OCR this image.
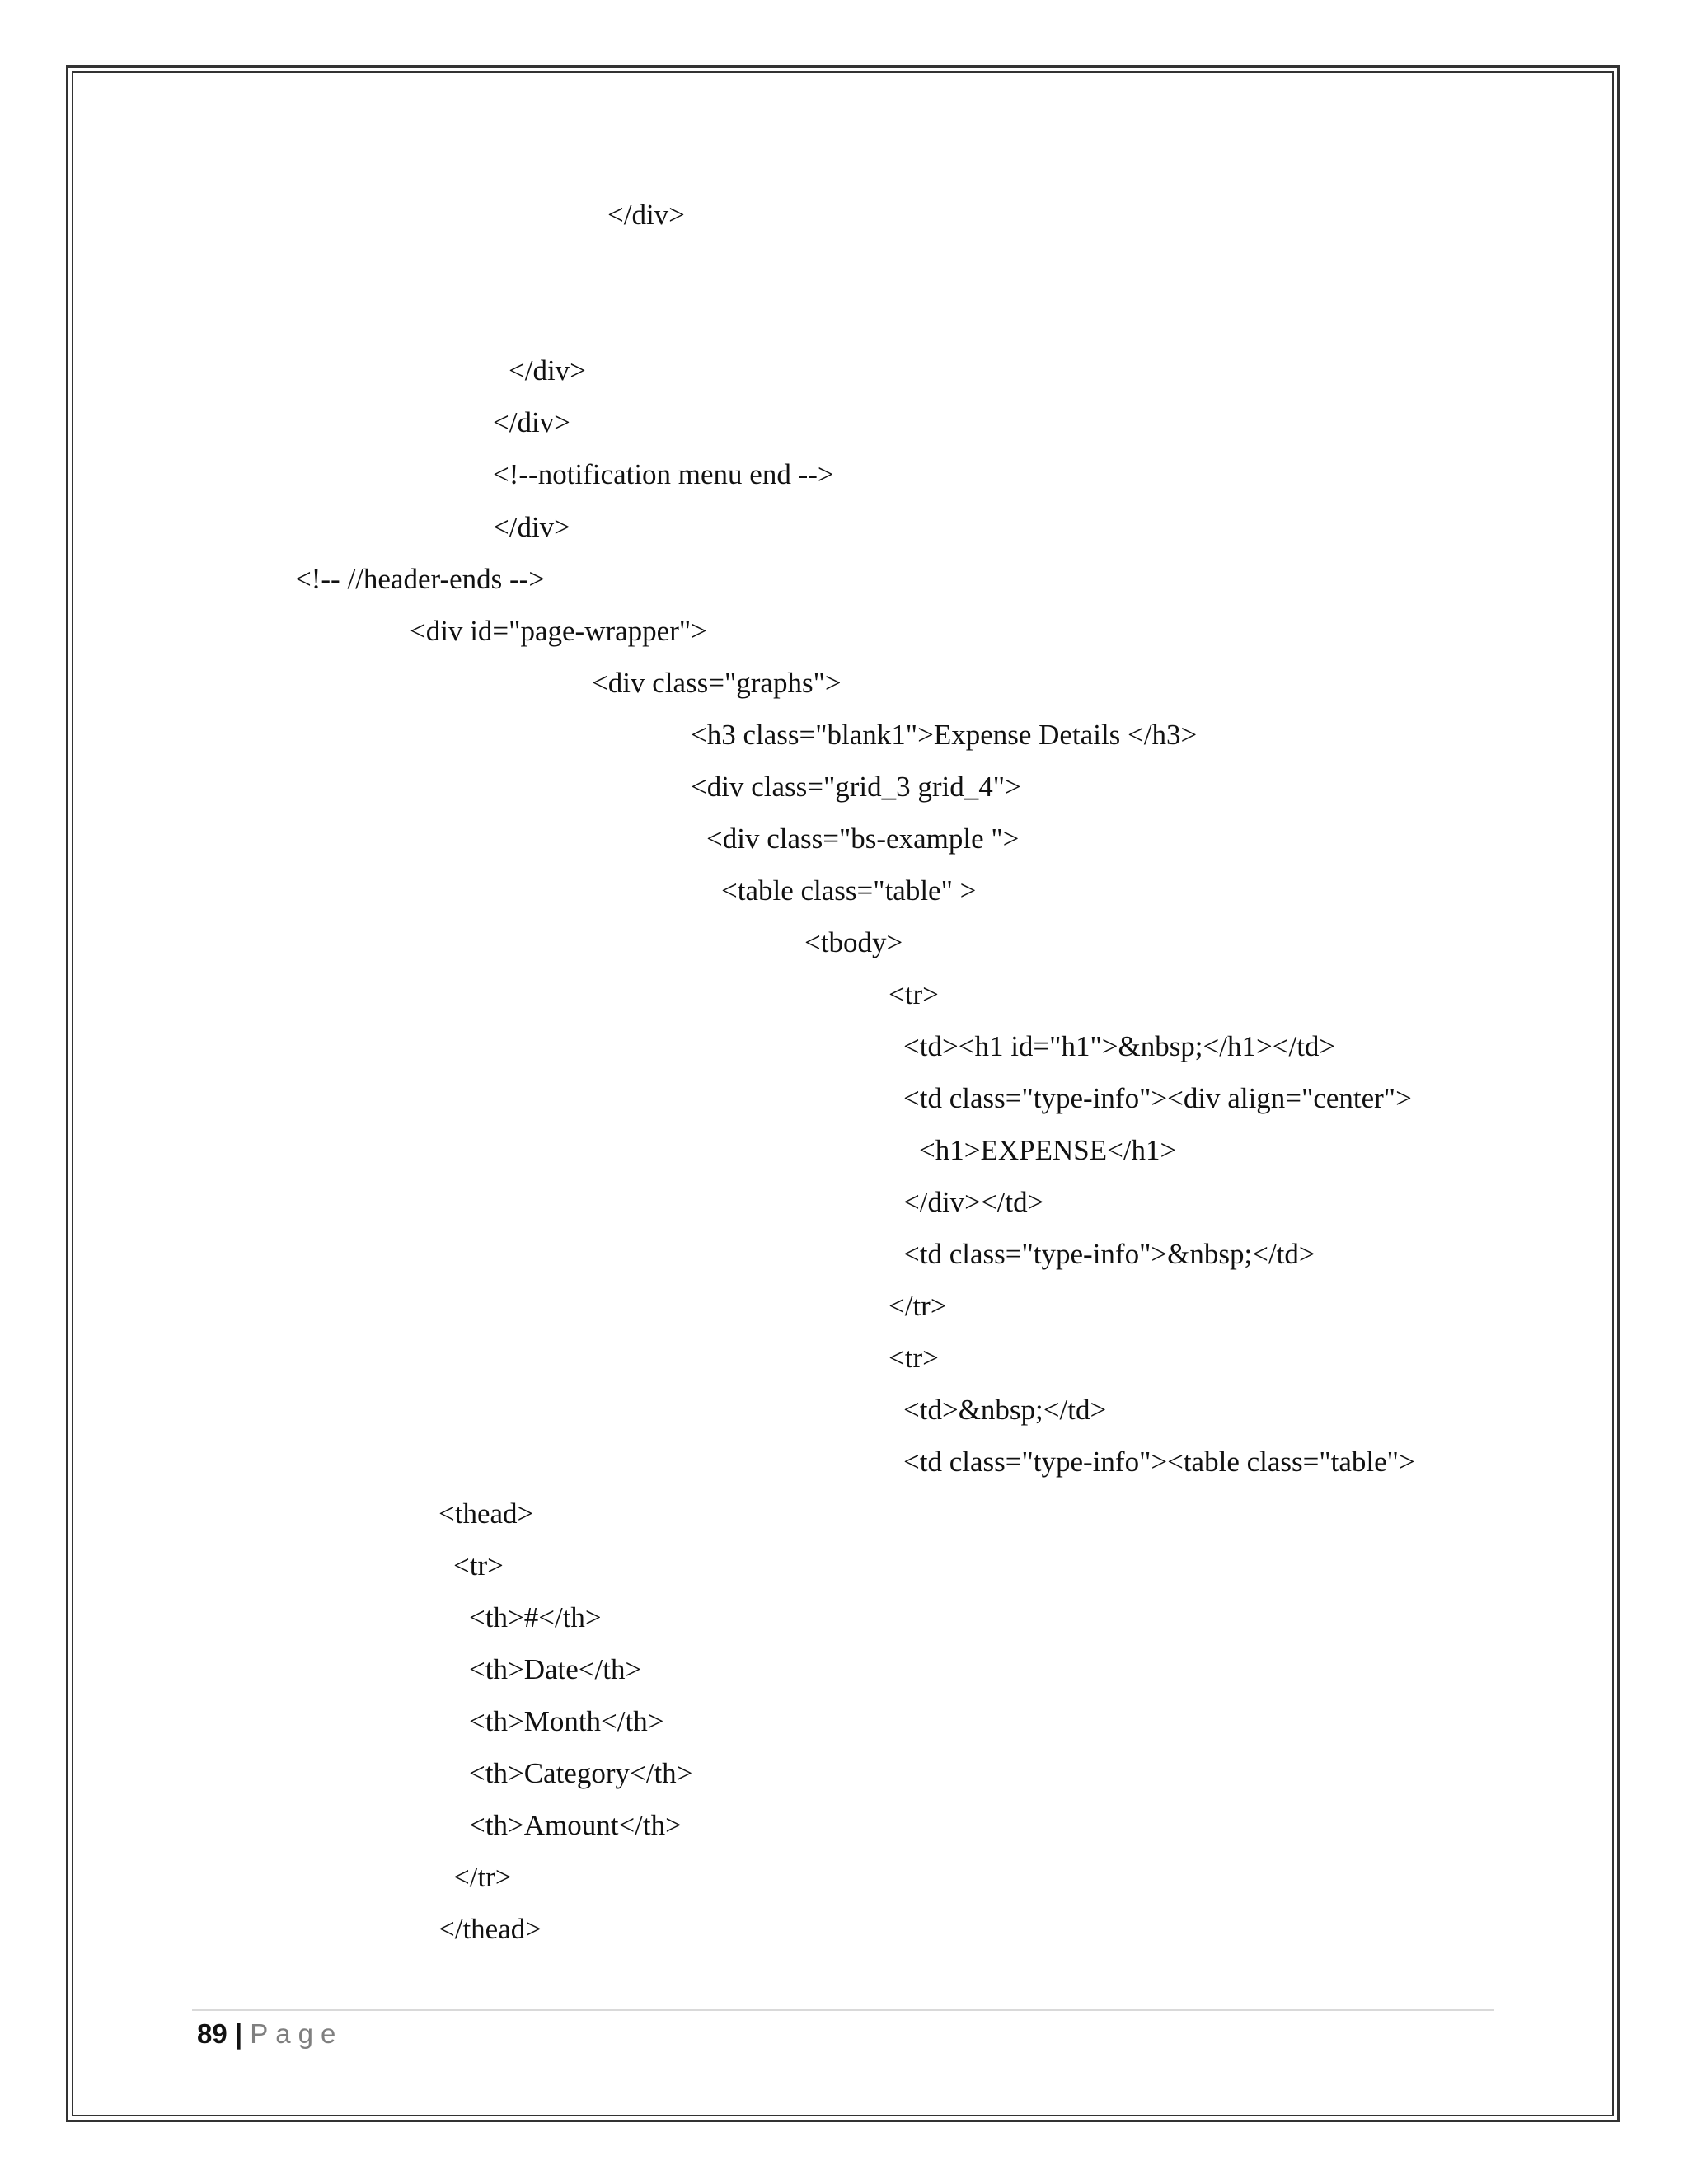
</div>
</div>
</div>
<!--notification menu end -->
</div>
<!-- //header-ends -->
<div id="page-wrapper">
<div class="graphs">
<h3 class="blank1">Expense Details </h3>
<div class="grid_3 grid_4">
<div class="bs-example ">
<table class="table" >
<tbody>
<tr>
<td><h1 id="h1">&nbsp;</h1></td>
<td class="type-info"><div align="center">
<h1>EXPENSE</h1>
</div></td>
<td class="type-info">&nbsp;</td>
</tr>
<tr>
<td>&nbsp;</td>
<td class="type-info"><table class="table">
<thead>
<tr>
<th>#</th>
<th>Date</th>
<th>Month</th>
<th>Category</th>
<th>Amount</th>
</tr>
</thead>
89 | Page
